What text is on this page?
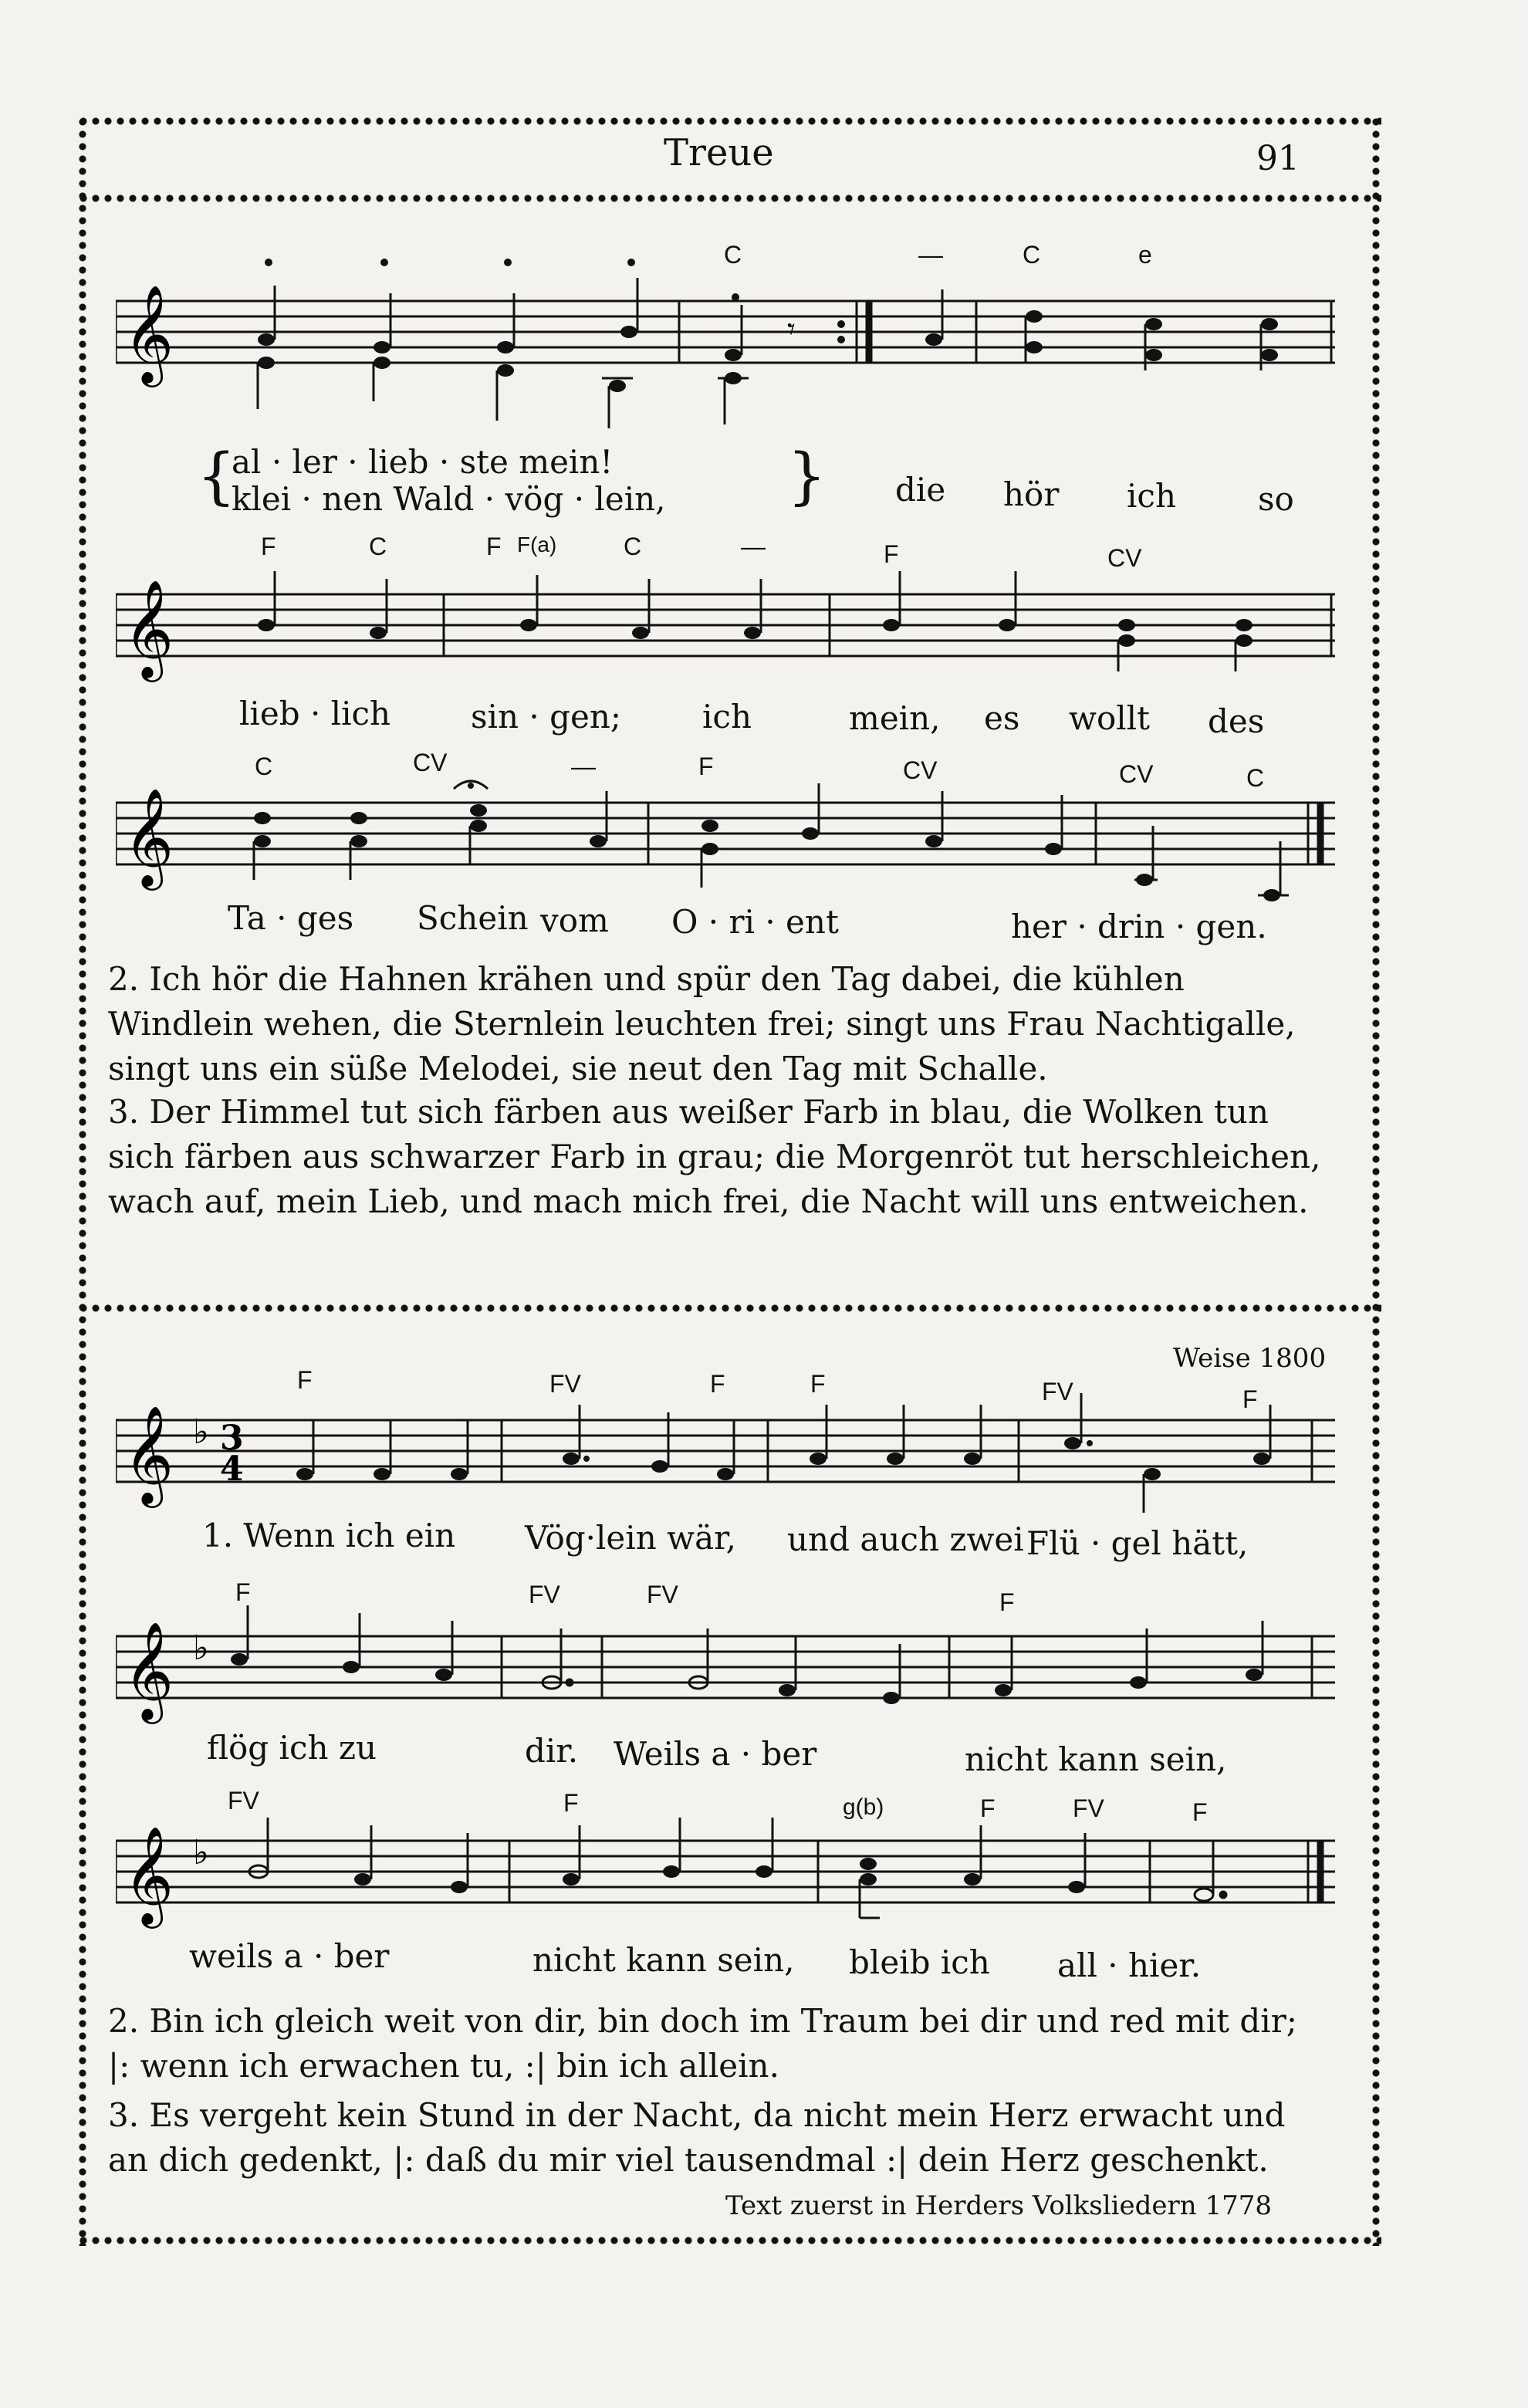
Treue	91
C	—	C	e
𝄞	𝄾
{
al · ler · lieb · ste mein!
klei · nen Wald · vög · lein, } die hör ich	so
F	C	F F(a)	C	—	F	CV
𝄞
lieb · lich sin · gen; ich	mein, es wollt des
C	CV	—	F	CV	CV	C
𝄞
Ta · ges Schein vom O · ri · ent	her · drin · gen.
2. Ich hör die Hahnen krähen und spür den Tag dabei, die kühlen Windlein wehen, die Sternlein leuchten frei; singt uns Frau Nachtigalle, singt uns ein süße Melodei, sie neut den Tag mit Schalle.
3. Der Himmel tut sich färben aus weißer Farb in blau, die Wolken tun sich färben aus schwarzer Farb in grau; die Morgenröt tut herschleichen, wach auf, mein Lieb, und mach mich frei, die Nacht will uns entweichen.
Weise 1800
F	FV	F	F	FV	F
𝄞 ♭ 3
4
1. Wenn ich ein Vög·lein wär, und auch zwei Flü · gel hätt,
F	FV	FV	F
𝄞 ♭
flög ich zu	dir. Weils a · ber	nicht kann sein,
FV	F	g(b)	F	FV	F
𝄞 ♭
weils a · ber	nicht kann sein, bleib ich all · hier.
2. Bin ich gleich weit von dir, bin doch im Traum bei dir und red mit dir; |: wenn ich erwachen tu, :| bin ich allein.
3. Es vergeht kein Stund in der Nacht, da nicht mein Herz erwacht und an dich gedenkt, |: daß du mir viel tausendmal :| dein Herz geschenkt.
Text zuerst in Herders Volksliedern 1778
